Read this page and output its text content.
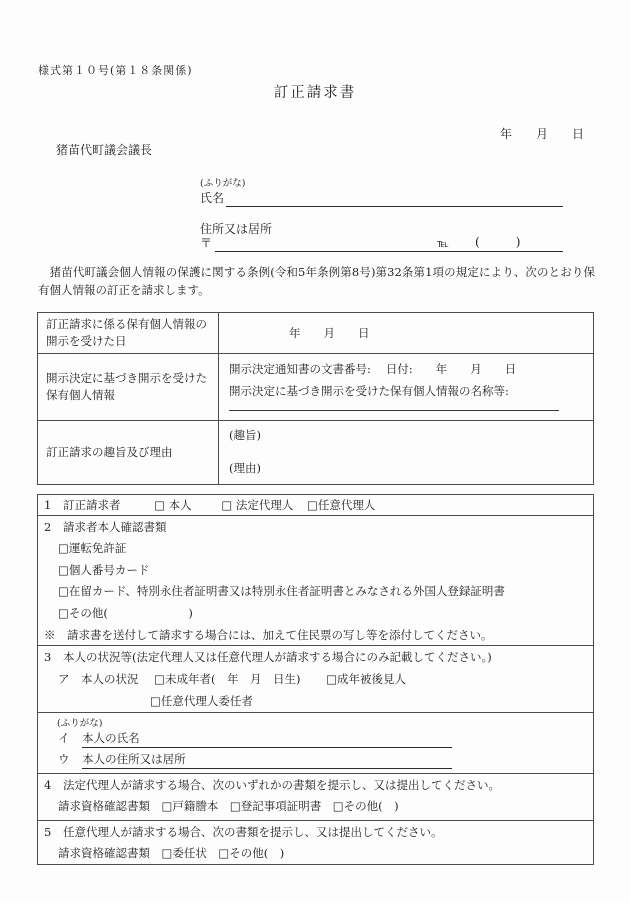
様式第１０号(第１８条関係)
訂正請求書
年　　月　　日
猪苗代町議会議長
(ふりがな)
氏名
住所又は居所
〒	℡ (　　　)
　猪苗代町議会個人情報の保護に関する条例(令和5年条例第8号)第32条第1項の規定により、次のとおり保有個人情報の訂正を請求します。
訂正請求に係る保有個人情報の開示を受けた日	年　　月　　日
開示決定に基づき開示を受けた保有個人情報	開示決定通知書の文書番号: 日付:　　年　　月　　日
開示決定に基づき開示を受けた保有個人情報の名称等:

訂正請求の趣旨及び理由	(趣旨)
(理由)
1 訂正請求者	□ 本人	□ 法定代理人 □任意代理人

2 請求者本人確認書類
□運転免許証
□個人番号カード
□在留カード、特別永住者証明書又は特別永住者証明書とみなされる外国人登録証明書
□その他(　　　　　　　)
※　請求書を送付して請求する場合には、加えて住民票の写し等を添付してください。

3 本人の状況等(法定代理人又は任意代理人が請求する場合にのみ記載してください。)
ア　本人の状況 □未成年者(　年　月　日生) □成年被後見人
□任意代理人委任者

(ふりがな)
イ 本人の氏名
ウ 本人の住所又は居所

4 法定代理人が請求する場合、次のいずれかの書類を提示し、又は提出してください。
請求資格確認書類　□戸籍謄本　□登記事項証明書　□その他(　)

5 任意代理人が請求する場合、次の書類を提示し、又は提出してください。
請求資格確認書類　□委任状　□その他(　)
